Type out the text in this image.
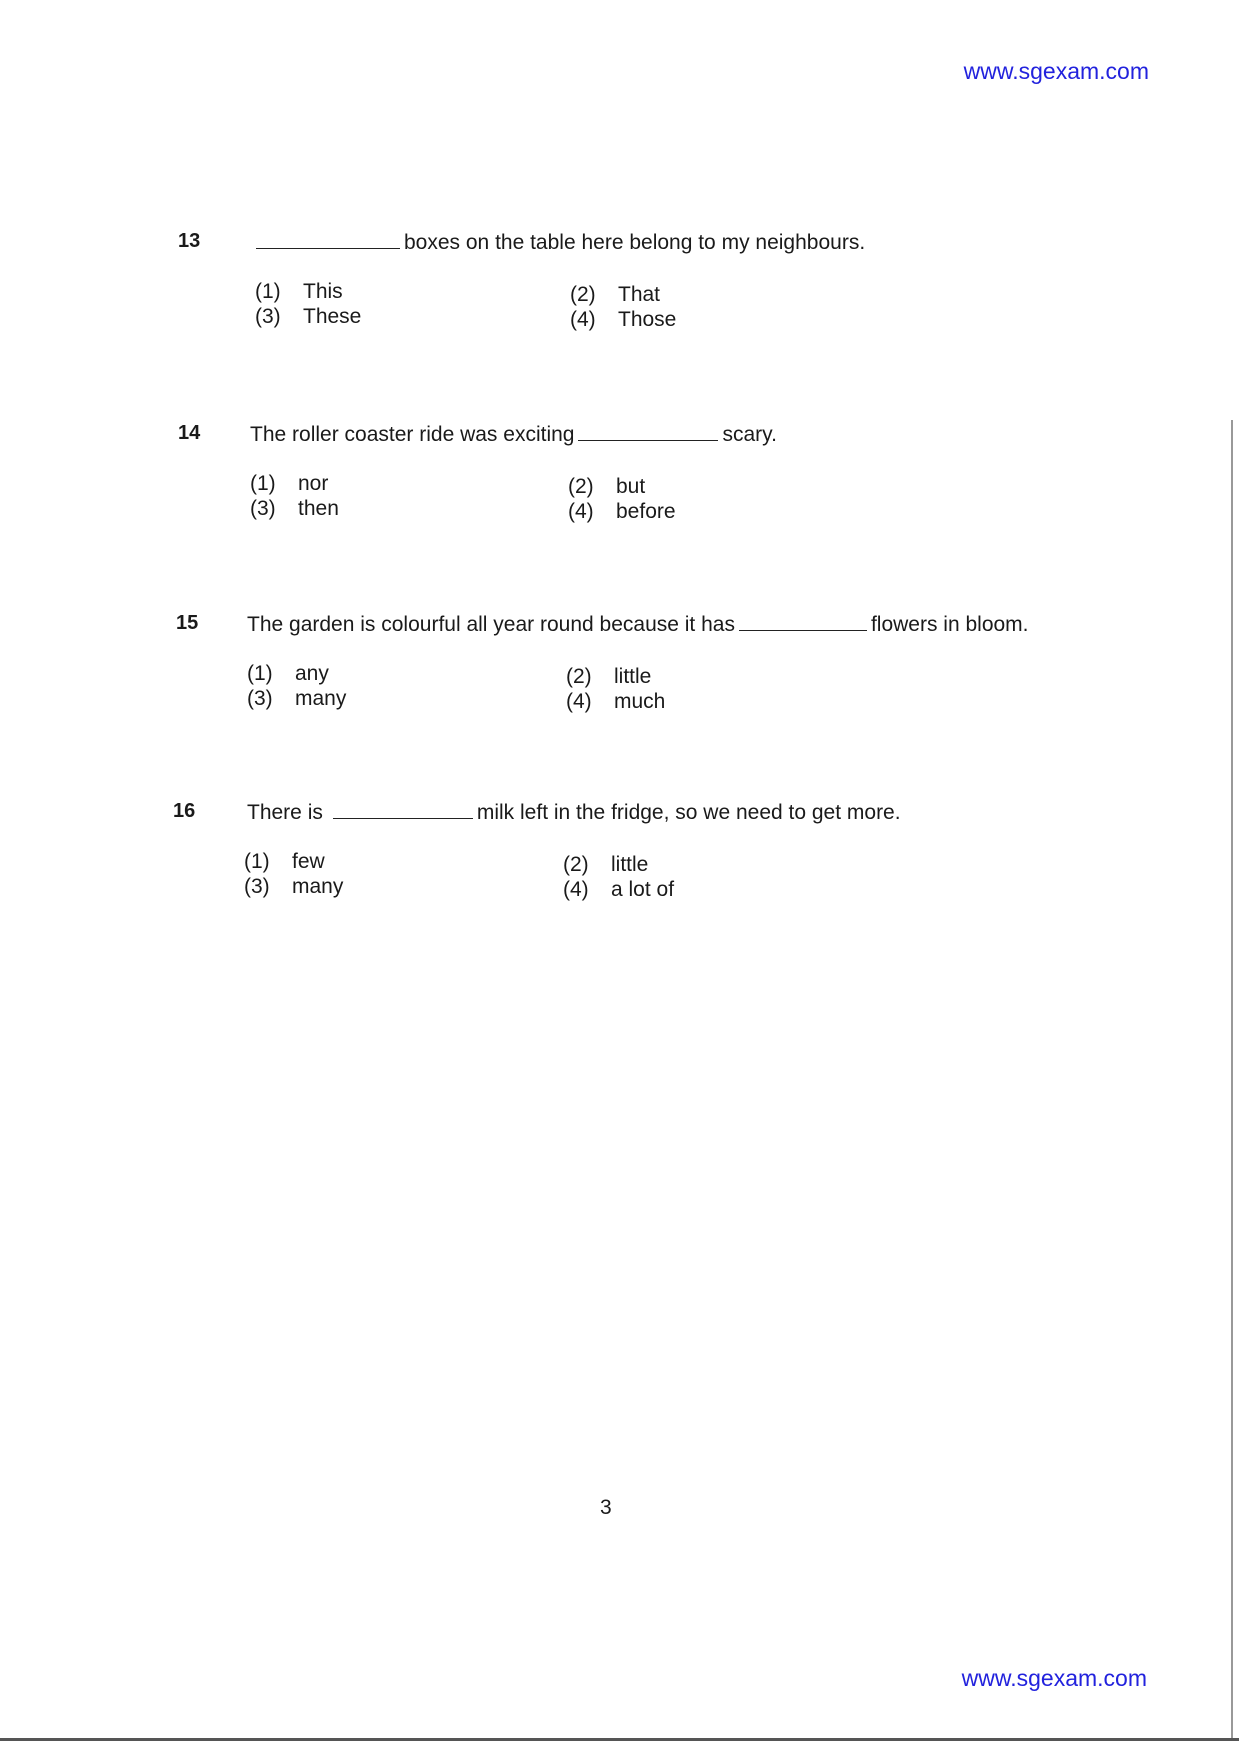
www.sgexam.com
13	boxes on the table here belong to my neighbours.
(1) This	(2) That
(3) These	(4) Those
14 The roller coaster ride was exciting	scary.
(1) nor	(2) but
(3) then	(4) before
15 The garden is colourful all year round because it has	flowers in bloom.
(1) any	(2) little
(3) many	(4) much
16 There is	milk left in the fridge, so we need to get more.
(1) few	(2) little
(3) many	(4) a lot of
3
www.sgexam.com
